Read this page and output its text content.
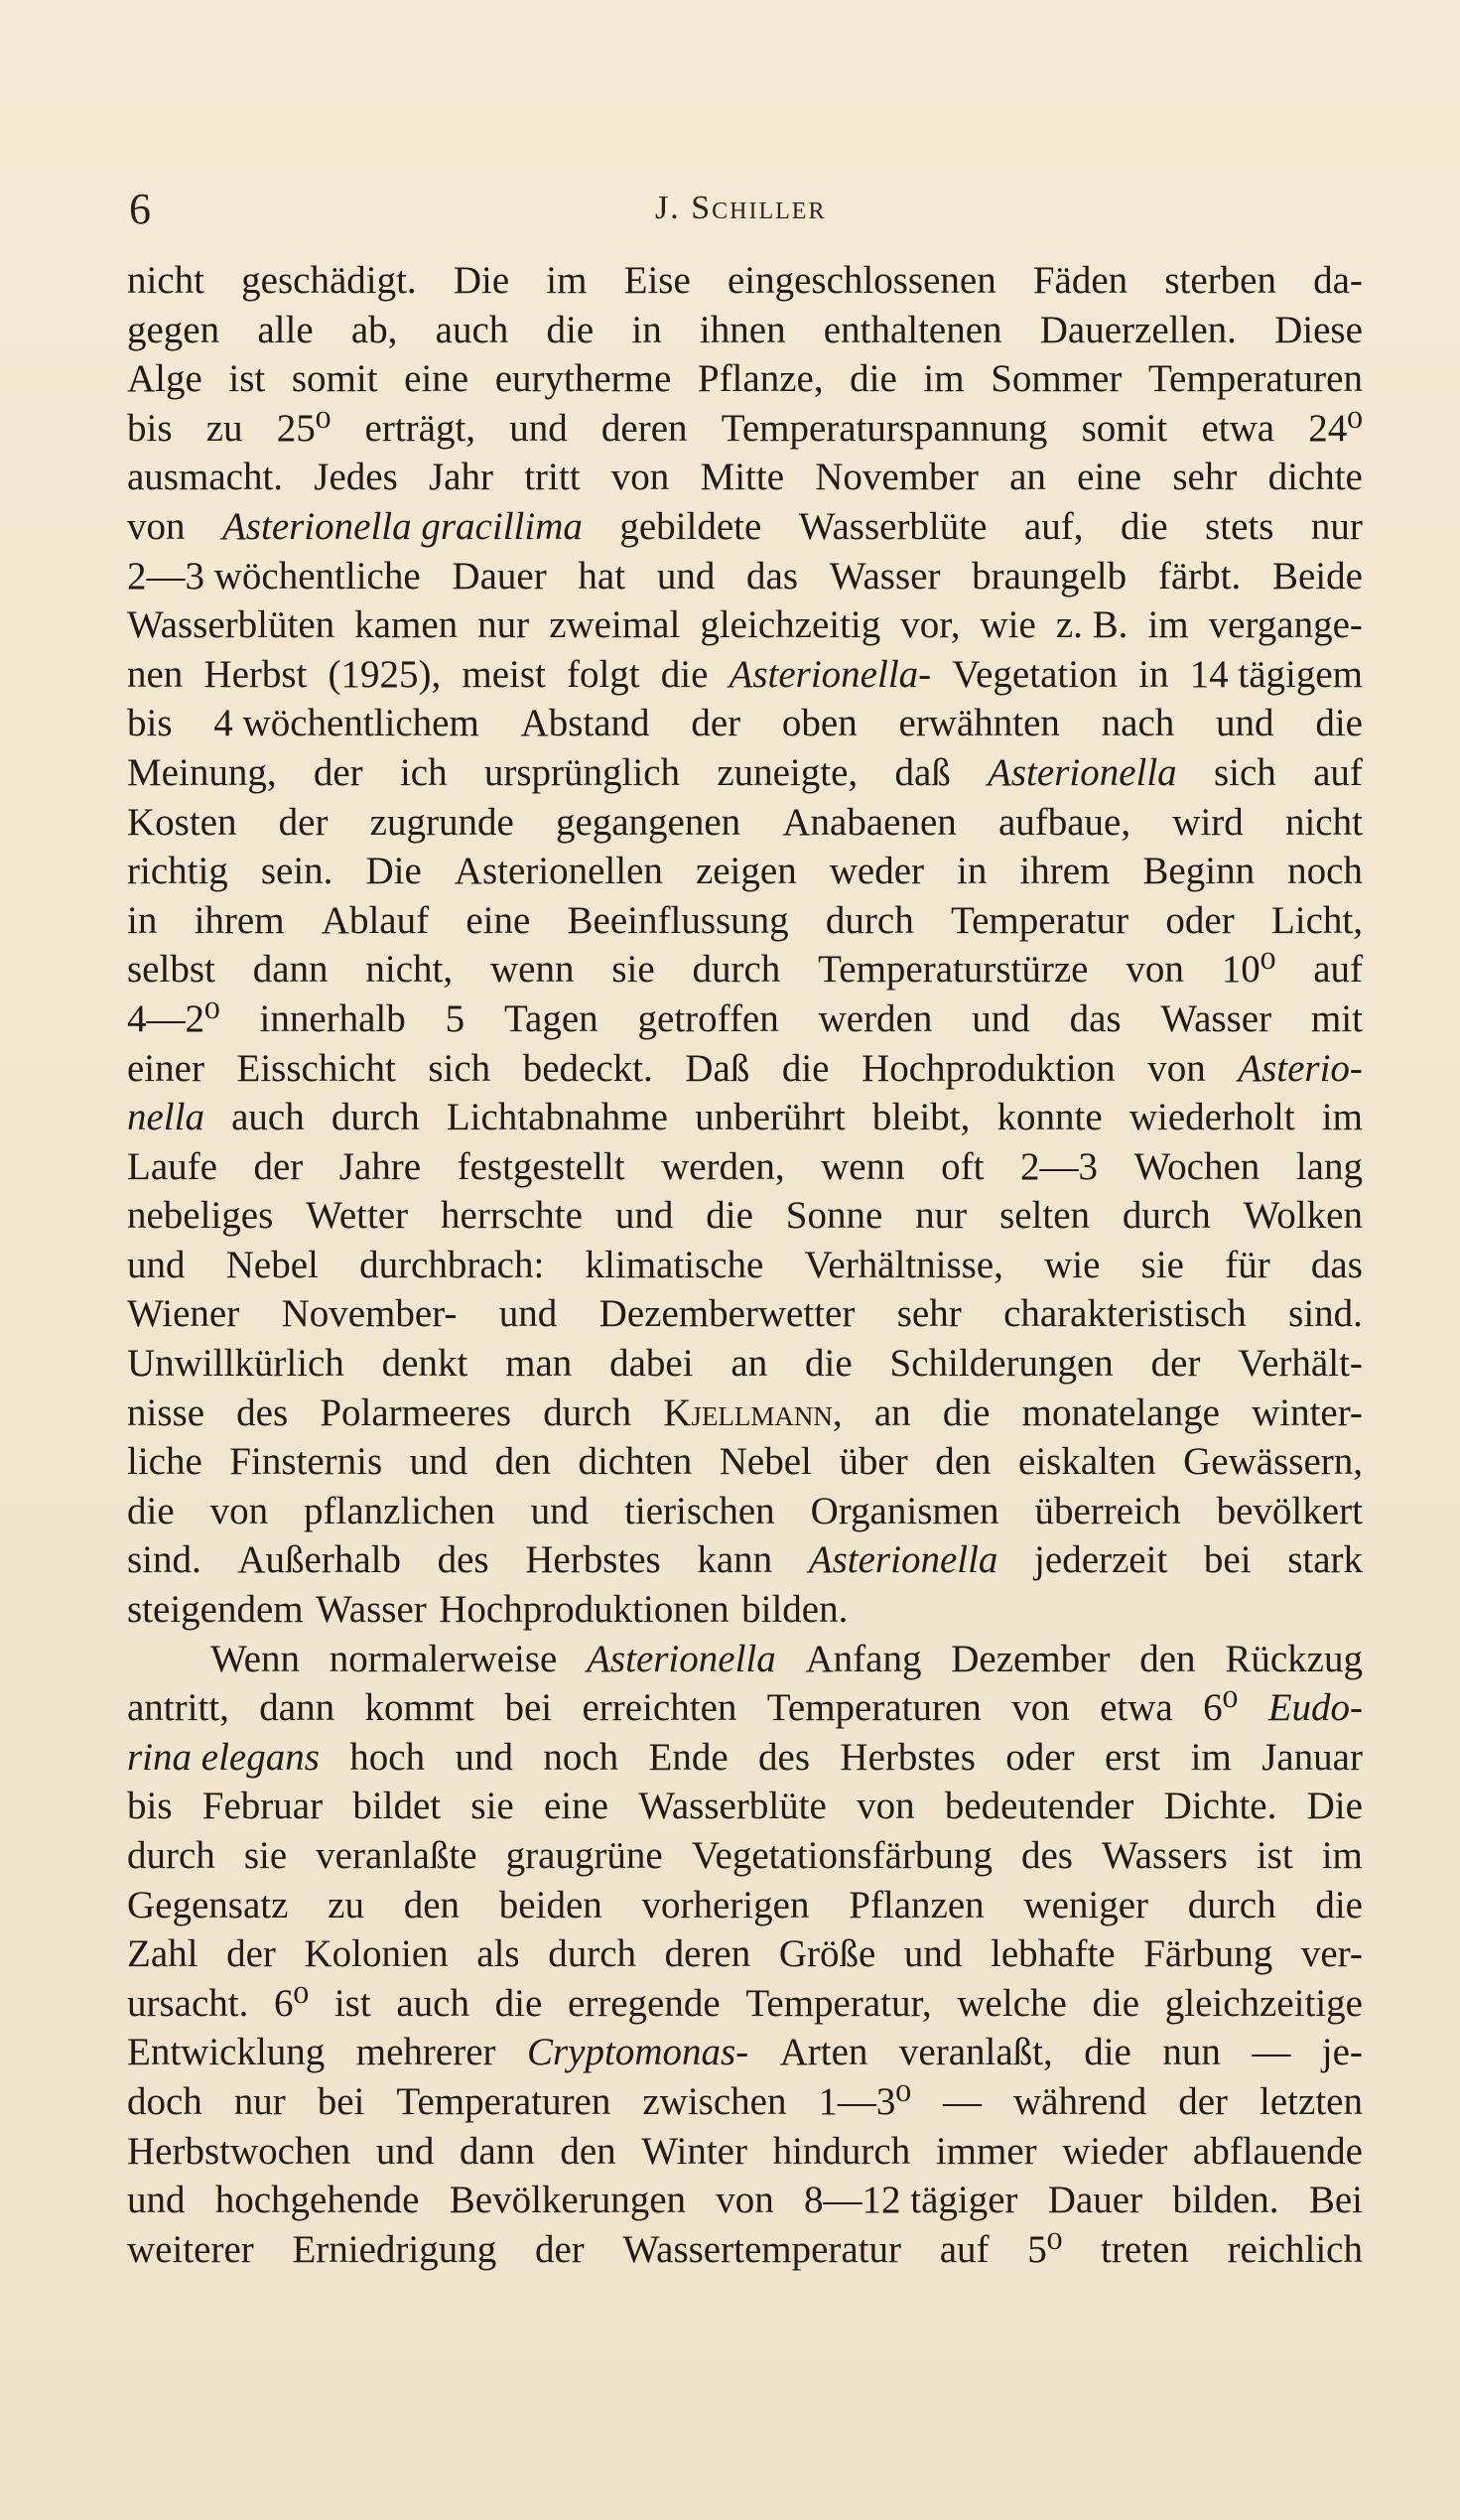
6	J. Schiller
nicht geschädigt. Die im Eise eingeschlossenen Fäden sterben da-
gegen alle ab, auch die in ihnen enthaltenen Dauerzellen. Diese
Alge ist somit eine eurytherme Pflanze, die im Sommer Temperaturen
bis zu 25⁰ erträgt, und deren Temperaturspannung somit etwa 24⁰
ausmacht. Jedes Jahr tritt von Mitte November an eine sehr dichte
von Asterionella gracillima gebildete Wasserblüte auf, die stets nur
2—3 wöchentliche Dauer hat und das Wasser braungelb färbt. Beide
Wasserblüten kamen nur zweimal gleichzeitig vor, wie z. B. im vergange-
nen Herbst (1925), meist folgt die Asterionella- Vegetation in 14 tägigem
bis 4 wöchentlichem Abstand der oben erwähnten nach und die
Meinung, der ich ursprünglich zuneigte, daß Asterionella sich auf
Kosten der zugrunde gegangenen Anabaenen aufbaue, wird nicht
richtig sein. Die Asterionellen zeigen weder in ihrem Beginn noch
in ihrem Ablauf eine Beeinflussung durch Temperatur oder Licht,
selbst dann nicht, wenn sie durch Temperaturstürze von 10⁰ auf
4—2⁰ innerhalb 5 Tagen getroffen werden und das Wasser mit
einer Eisschicht sich bedeckt. Daß die Hochproduktion von Asterio-
nella auch durch Lichtabnahme unberührt bleibt, konnte wiederholt im
Laufe der Jahre festgestellt werden, wenn oft 2—3 Wochen lang
nebeliges Wetter herrschte und die Sonne nur selten durch Wolken
und Nebel durchbrach: klimatische Verhältnisse, wie sie für das
Wiener November- und Dezemberwetter sehr charakteristisch sind.
Unwillkürlich denkt man dabei an die Schilderungen der Verhält-
nisse des Polarmeeres durch Kjellmann, an die monatelange winter-
liche Finsternis und den dichten Nebel über den eiskalten Gewässern,
die von pflanzlichen und tierischen Organismen überreich bevölkert
sind. Außerhalb des Herbstes kann Asterionella jederzeit bei stark
steigendem Wasser Hochproduktionen bilden.
Wenn normalerweise Asterionella Anfang Dezember den Rückzug
antritt, dann kommt bei erreichten Temperaturen von etwa 6⁰ Eudo-
rina elegans hoch und noch Ende des Herbstes oder erst im Januar
bis Februar bildet sie eine Wasserblüte von bedeutender Dichte. Die
durch sie veranlaßte graugrüne Vegetationsfärbung des Wassers ist im
Gegensatz zu den beiden vorherigen Pflanzen weniger durch die
Zahl der Kolonien als durch deren Größe und lebhafte Färbung ver-
ursacht. 6⁰ ist auch die erregende Temperatur, welche die gleichzeitige
Entwicklung mehrerer Cryptomonas- Arten veranlaßt, die nun — je-
doch nur bei Temperaturen zwischen 1—3⁰ — während der letzten
Herbstwochen und dann den Winter hindurch immer wieder abflauende
und hochgehende Bevölkerungen von 8—12 tägiger Dauer bilden. Bei
weiterer Erniedrigung der Wassertemperatur auf 5⁰ treten reichlich
